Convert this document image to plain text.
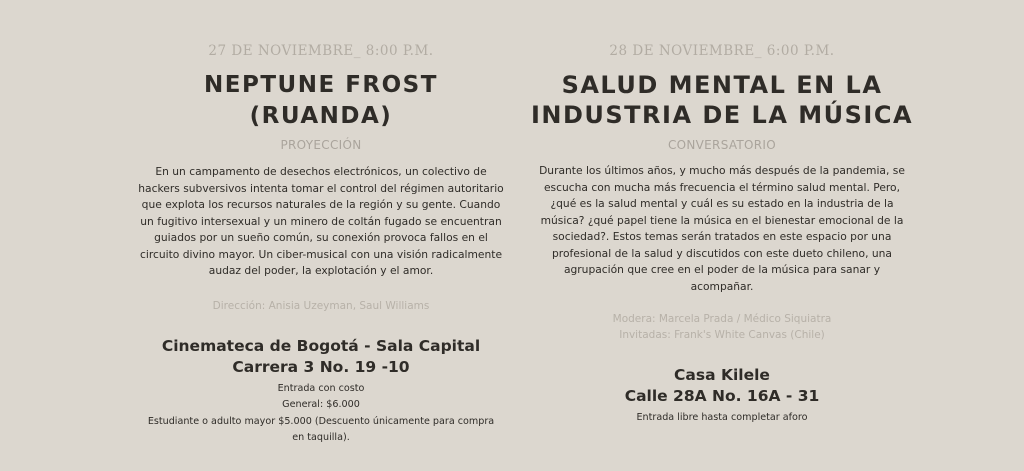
27 DE NOVIEMBRE_ 8:00 P.M.
NEPTUNE FROST (RUANDA)
PROYECCIÓN
En un campamento de desechos electrónicos, un colectivo de
hackers subversivos intenta tomar el control del régimen autoritario
que explota los recursos naturales de la región y su gente. Cuando
un fugitivo intersexual y un minero de coltán fugado se encuentran
guiados por un sueño común, su conexión provoca fallos en el
circuito divino mayor. Un ciber-musical con una visión radicalmente
audaz del poder, la explotación y el amor.
Dirección: Anisia Uzeyman, Saul Williams
Cinemateca de Bogotá - Sala Capital
Carrera 3 No. 19 -10
Entrada con costo
General: $6.000
Estudiante o adulto mayor $5.000 (Descuento únicamente para compra
en taquilla).
28 DE NOVIEMBRE_ 6:00 P.M.
SALUD MENTAL EN LA
INDUSTRIA DE LA MÚSICA
CONVERSATORIO
Durante los últimos años, y mucho más después de la pandemia, se
escucha con mucha más frecuencia el término salud mental. Pero,
¿qué es la salud mental y cuál es su estado en la industria de la
música? ¿qué papel tiene la música en el bienestar emocional de la
sociedad?. Estos temas serán tratados en este espacio por una
profesional de la salud y discutidos con este dueto chileno, una
agrupación que cree en el poder de la música para sanar y
acompañar.
Modera: Marcela Prada / Médico Siquiatra
Invitadas: Frank's White Canvas (Chile)
Casa Kilele
Calle 28A No. 16A - 31
Entrada libre hasta completar aforo
